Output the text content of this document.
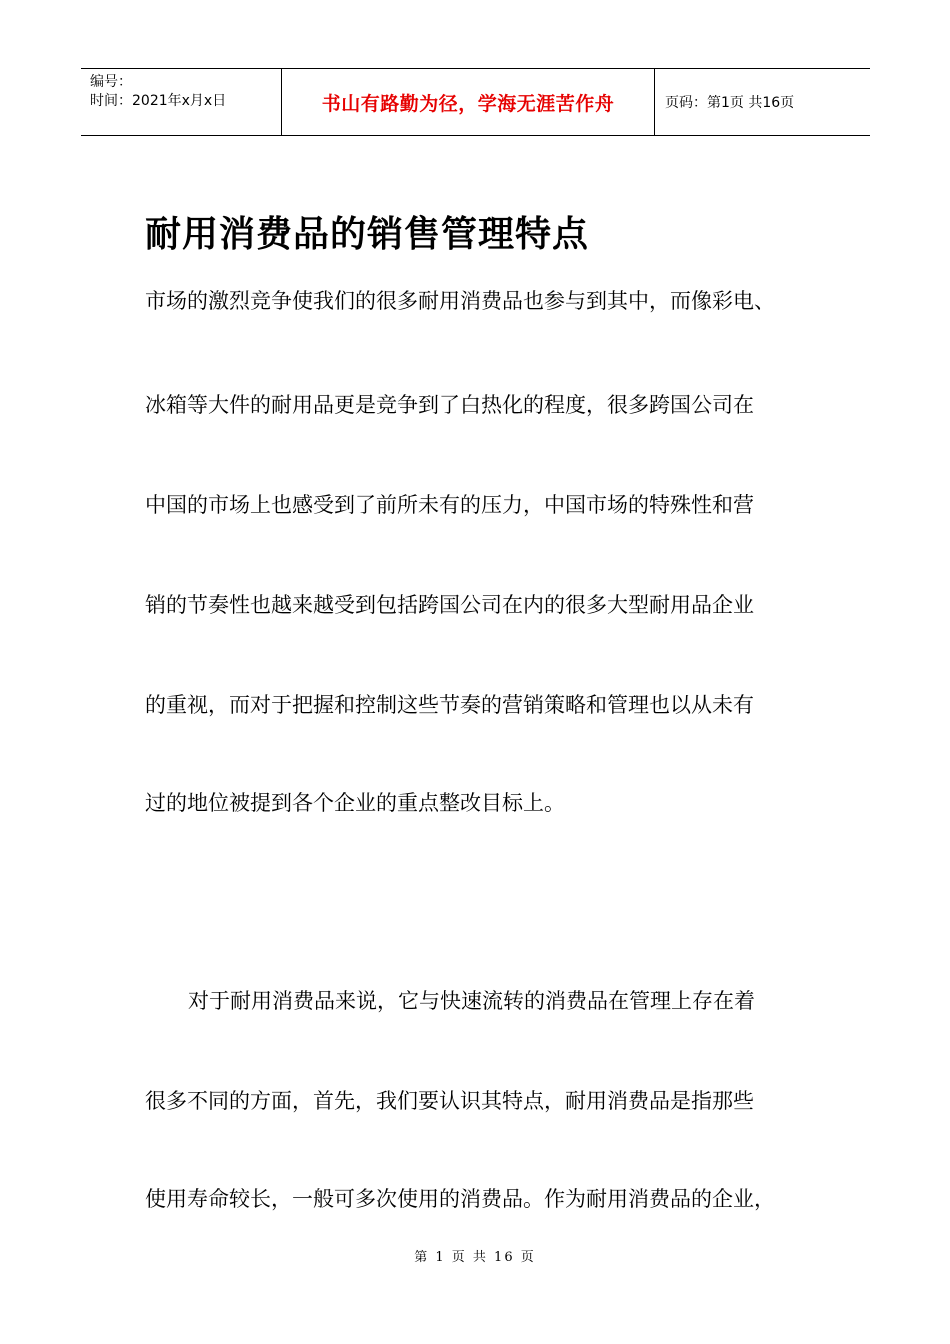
编号：
时间：2021年x月x日	书山有路勤为径，学海无涯苦作舟	页码：第1页 共16页
耐用消费品的销售管理特点

市场的激烈竞争使我们的很多耐用消费品也参与到其中，而像彩电、

冰箱等大件的耐用品更是竞争到了白热化的程度，很多跨国公司在

中国的市场上也感受到了前所未有的压力，中国市场的特殊性和营

销的节奏性也越来越受到包括跨国公司在内的很多大型耐用品企业

的重视，而对于把握和控制这些节奏的营销策略和管理也以从未有

过的地位被提到各个企业的重点整改目标上。

对于耐用消费品来说，它与快速流转的消费品在管理上存在着

很多不同的方面，首先，我们要认识其特点，耐用消费品是指那些

使用寿命较长，一般可多次使用的消费品。作为耐用消费品的企业，

第 1 页 共 16 页
